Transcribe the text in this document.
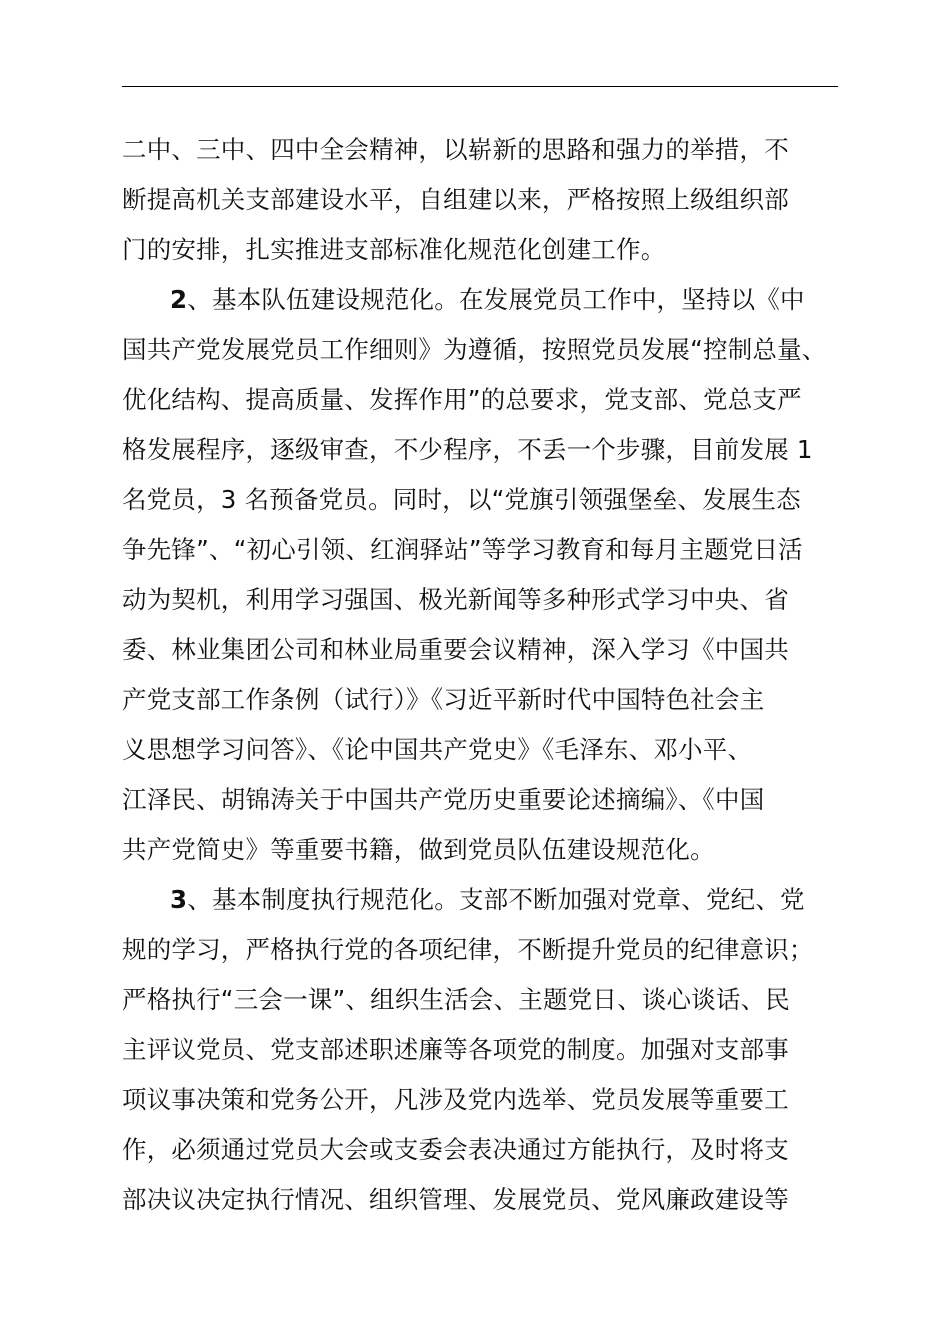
二中、三中、四中全会精神，以崭新的思路和强力的举措，不
断提高机关支部建设水平，自组建以来，严格按照上级组织部
门的安排，扎实推进支部标准化规范化创建工作。
2、基本队伍建设规范化。在发展党员工作中，坚持以《中
国共产党发展党员工作细则》为遵循，按照党员发展“控制总量、
优化结构、提高质量、发挥作用”的总要求，党支部、党总支严
格发展程序，逐级审查，不少程序，不丢一个步骤，目前发展 1
名党员，3 名预备党员。同时，以“党旗引领强堡垒、发展生态
争先锋”、“初心引领、红润驿站”等学习教育和每月主题党日活
动为契机，利用学习强国、极光新闻等多种形式学习中央、省
委、林业集团公司和林业局重要会议精神，深入学习《中国共
产党支部工作条例（试行）》《习近平新时代中国特色社会主
义思想学习问答》、《论中国共产党史》《毛泽东、邓小平、
江泽民、胡锦涛关于中国共产党历史重要论述摘编》、《中国
共产党简史》等重要书籍，做到党员队伍建设规范化。
3、基本制度执行规范化。支部不断加强对党章、党纪、党
规的学习，严格执行党的各项纪律，不断提升党员的纪律意识；
严格执行“三会一课”、组织生活会、主题党日、谈心谈话、民
主评议党员、党支部述职述廉等各项党的制度。加强对支部事
项议事决策和党务公开，凡涉及党内选举、党员发展等重要工
作，必须通过党员大会或支委会表决通过方能执行，及时将支
部决议决定执行情况、组织管理、发展党员、党风廉政建设等
